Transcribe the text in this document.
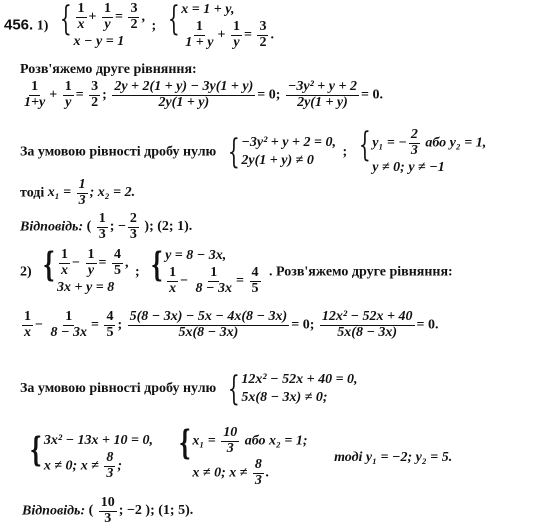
456. 1) { $\frac{1}{x} + \frac{1}{y} = \frac{3}{2}$ ,
x − y = 1
; { x = 1 + y,
$\frac{1}{1 + y} + \frac{1}{y} = \frac{3}{2}$ .
Розв'яжемо друге рівняння:
$\frac{1}{1+y} + \frac{1}{y} = \frac{3}{2}$ ; $\frac{2y + 2(1 + y) - 3y(1 + y)}{2y(1 + y)} = 0$; $\frac{\text{−3y² + y + 2}}{2y(1 + y)} = 0$.
За умовою рівності дробу нулю { −3y² + y + 2 = 0,
2y(1 + y) ≠ 0
; { y₁ = − $\frac{2}{3}$ або y₂ = 1,
y ≠ 0; y ≠ −1
тоді $x_1 = \frac{1}{3}$ ; x₂ = 2.
Відповідь: ( $\frac{1}{3}$ ; − $\frac{2}{3}$ ); (2; 1).
2) { $\frac{1}{x} - \frac{1}{y} = \frac{4}{5}$ ,
3x + y = 8
; { y = 8 − 3x,
$\frac{1}{x} - \frac{1}{8 - 3x} = \frac{4}{5}$ . Розв'яжемо друге рівняння:
$\frac{1}{x} - \frac{1}{8 - 3x} = \frac{4}{5}$ ; $\frac{5(8 - 3x) - 5x - 4x(8 - 3x)}{5x(8 - 3x)} = 0$; $\frac{\text{12x² − 52x + 40}}{5x(8 - 3x)} = 0$.
За умовою рівності дробу нулю { 12x² − 52x + 40 = 0,
5x(8 − 3x) ≠ 0;
{ 3x² − 13x + 10 = 0,
x ≠ 0; $x \ne \frac{8}{3}$ ;

{ $x_1 = \frac{10}{3}$ або x₂ = 1;
x ≠ 0; $x \ne \frac{8}{3}$ .
тоді y₁ = −2; y₂ = 5.
Відповідь: ( $\frac{10}{3}$ ; −2 ); (1; 5).
